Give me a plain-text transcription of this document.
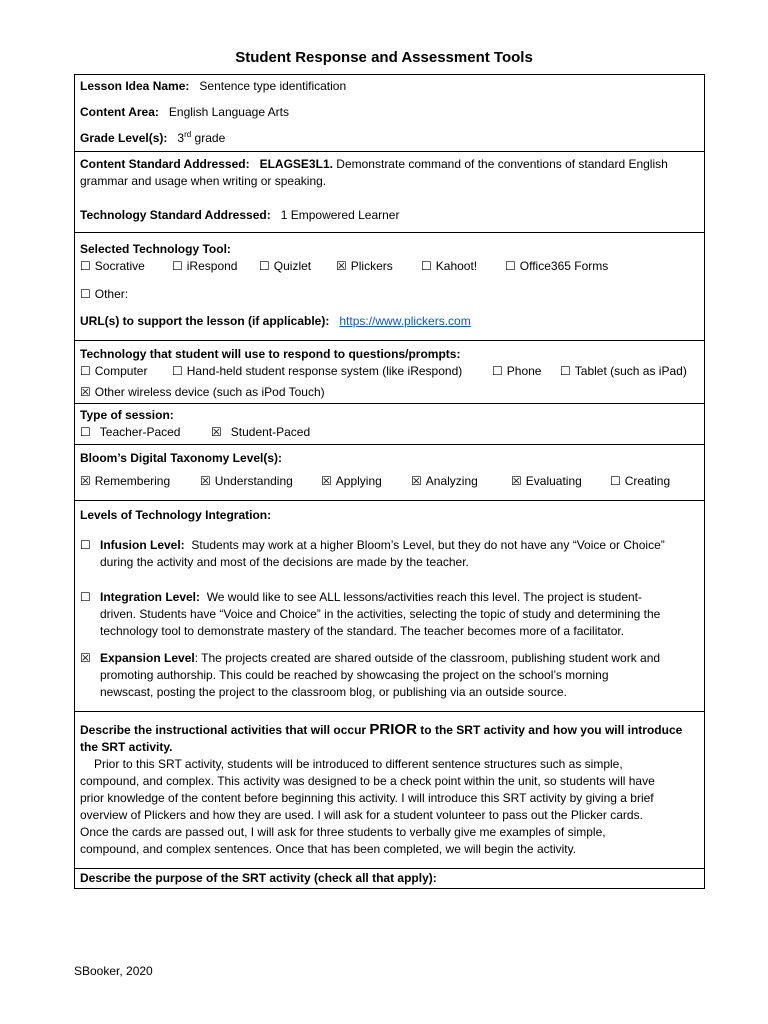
Student Response and Assessment Tools
Lesson Idea Name: Sentence type identification
Content Area: English Language Arts
Grade Level(s): 3rd grade
Content Standard Addressed: ELAGSE3L1. Demonstrate command of the conventions of standard English
grammar and usage when writing or speaking.
Technology Standard Addressed: 1 Empowered Learner
Selected Technology Tool:
☐ Socrative ☐ iRespond ☐ Quizlet ☒ Plickers ☐ Kahoot! ☐ Office365 Forms
☐ Other:
URL(s) to support the lesson (if applicable): https://www.plickers.com
Technology that student will use to respond to questions/prompts:
☐ Computer ☐ Hand-held student response system (like iRespond) ☐ Phone ☐ Tablet (such as iPad)
☒ Other wireless device (such as iPod Touch)
Type of session:
☐ Teacher-Paced	☒ Student-Paced
Bloom’s Digital Taxonomy Level(s):
☒ Remembering ☒ Understanding ☒ Applying ☒ Analyzing	☒ Evaluating ☐ Creating
Levels of Technology Integration:
☐ Infusion Level: Students may work at a higher Bloom’s Level, but they do not have any “Voice or Choice”
during the activity and most of the decisions are made by the teacher.
☐ Integration Level: We would like to see ALL lessons/activities reach this level. The project is student-
driven. Students have “Voice and Choice” in the activities, selecting the topic of study and determining the
technology tool to demonstrate mastery of the standard. The teacher becomes more of a facilitator.
☒ Expansion Level: The projects created are shared outside of the classroom, publishing student work and
promoting authorship. This could be reached by showcasing the project on the school’s morning
newscast, posting the project to the classroom blog, or publishing via an outside source.
Describe the instructional activities that will occur PRIOR to the SRT activity and how you will introduce
the SRT activity.
Prior to this SRT activity, students will be introduced to different sentence structures such as simple,
compound, and complex. This activity was designed to be a check point within the unit, so students will have
prior knowledge of the content before beginning this activity. I will introduce this SRT activity by giving a brief
overview of Plickers and how they are used. I will ask for a student volunteer to pass out the Plicker cards.
Once the cards are passed out, I will ask for three students to verbally give me examples of simple,
compound, and complex sentences. Once that has been completed, we will begin the activity.
Describe the purpose of the SRT activity (check all that apply):
SBooker, 2020
